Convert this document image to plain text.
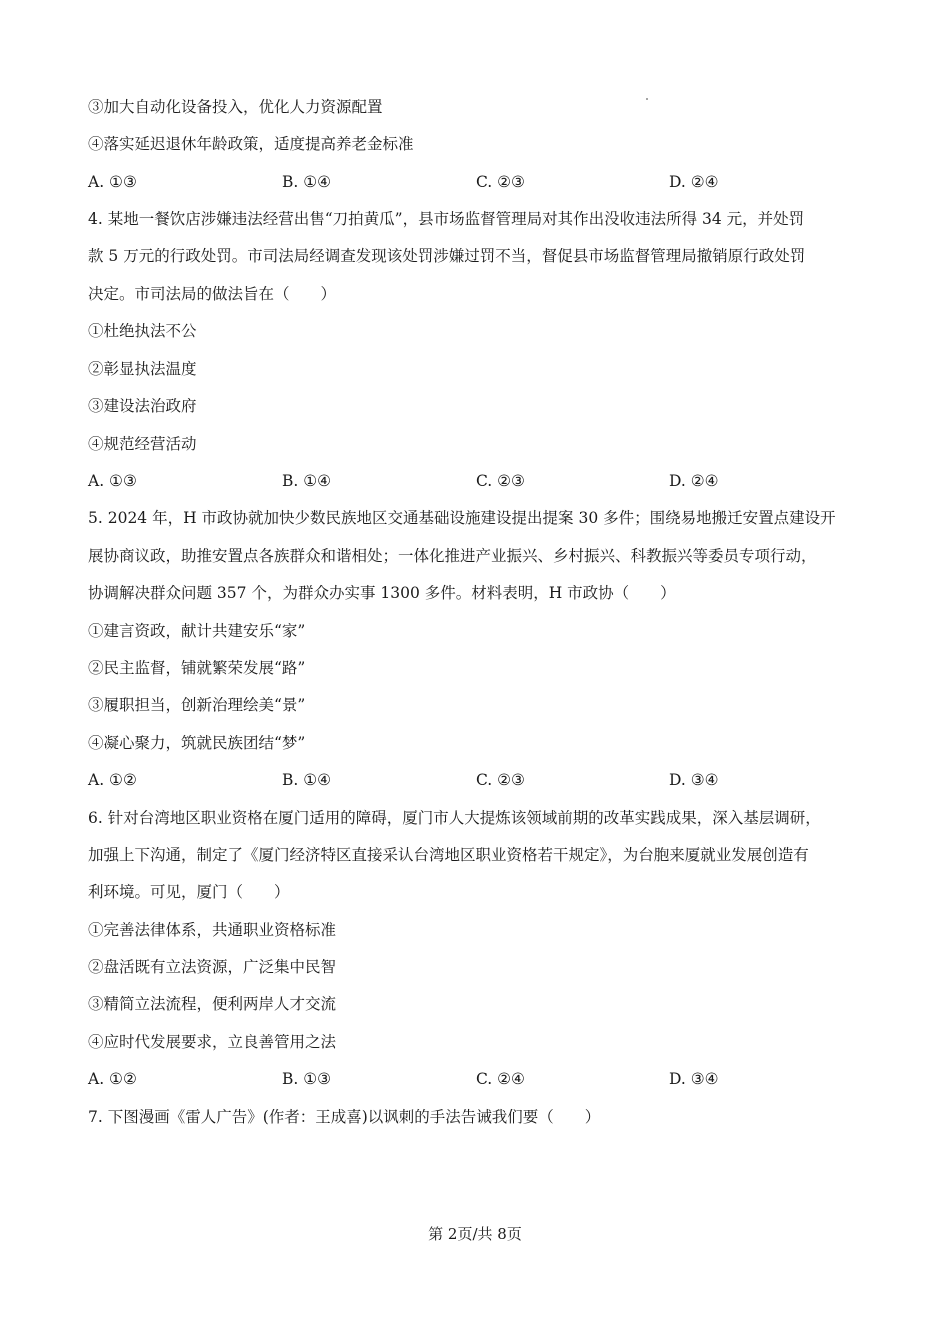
③加大自动化设备投入，优化人力资源配置
④落实延迟退休年龄政策，适度提高养老金标准
A. ①③	B. ①④	C. ②③	D. ②④
4. 某地一餐饮店涉嫌违法经营出售“刀拍黄瓜”，县市场监督管理局对其作出没收违法所得 34 元，并处罚
款 5 万元的行政处罚。市司法局经调查发现该处罚涉嫌过罚不当，督促县市场监督管理局撤销原行政处罚
决定。市司法局的做法旨在（　　）
①杜绝执法不公
②彰显执法温度
③建设法治政府
④规范经营活动
A. ①③	B. ①④	C. ②③	D. ②④
5. 2024 年，H 市政协就加快少数民族地区交通基础设施建设提出提案 30 多件；围绕易地搬迁安置点建设开
展协商议政，助推安置点各族群众和谐相处；一体化推进产业振兴、乡村振兴、科教振兴等委员专项行动，
协调解决群众问题 357 个，为群众办实事 1300 多件。材料表明，H 市政协（　　）
①建言资政，献计共建安乐“家”
②民主监督，铺就繁荣发展“路”
③履职担当，创新治理绘美“景”
④凝心聚力，筑就民族团结“梦”
A. ①②	B. ①④	C. ②③	D. ③④
6. 针对台湾地区职业资格在厦门适用的障碍，厦门市人大提炼该领域前期的改革实践成果，深入基层调研，
加强上下沟通，制定了《厦门经济特区直接采认台湾地区职业资格若干规定》，为台胞来厦就业发展创造有
利环境。可见，厦门（　　）
①完善法律体系，共通职业资格标准
②盘活既有立法资源，广泛集中民智
③精简立法流程，便利两岸人才交流
④应时代发展要求，立良善管用之法
A. ①②	B. ①③	C. ②④	D. ③④
7. 下图漫画《雷人广告》(作者：王成喜)以讽刺的手法告诫我们要（　　）
第 2页/共 8页
